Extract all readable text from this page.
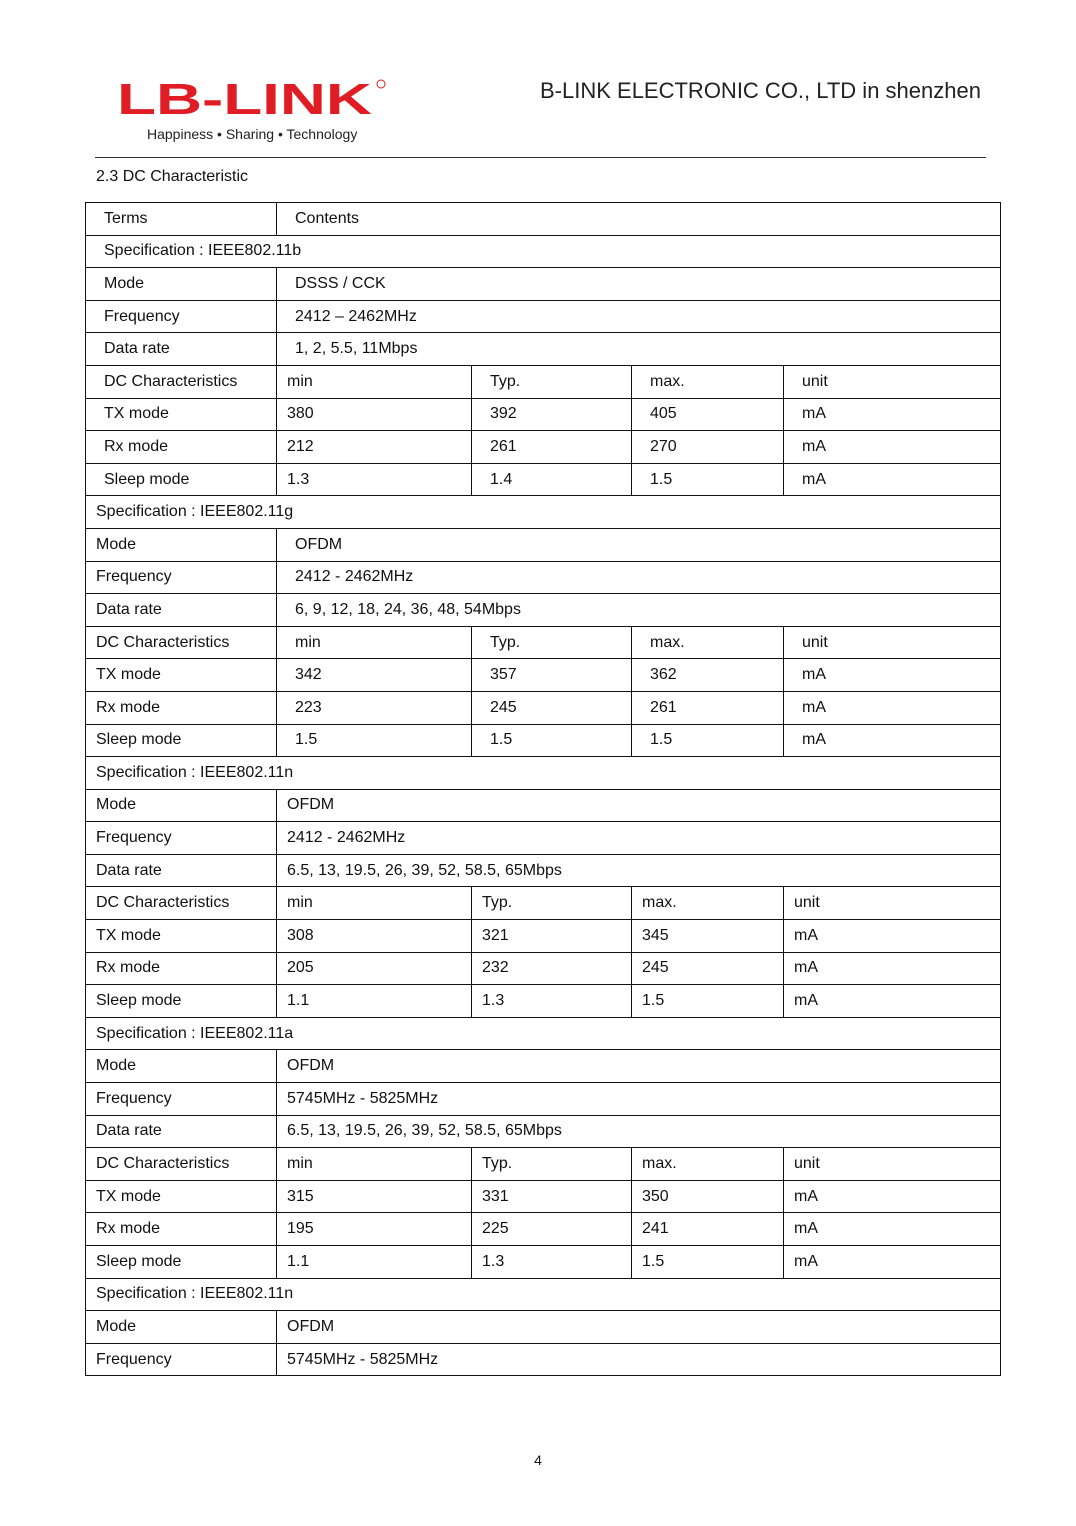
LB-LINK
Happiness • Sharing • Technology
B-LINK ELECTRONIC CO., LTD in shenzhen
2.3 DC Characteristic
Terms	Contents			
Specification : IEEE802.11b				
Mode	DSSS / CCK			
Frequency	2412 – 2462MHz			
Data rate	1, 2, 5.5, 11Mbps			
DC Characteristics	min	Typ.	max.	unit
TX mode	380	392	405	mA
Rx mode	212	261	270	mA
Sleep mode	1.3	1.4	1.5	mA
Specification : IEEE802.11g				
Mode	OFDM			
Frequency	2412 - 2462MHz			
Data rate	6, 9, 12, 18, 24, 36, 48, 54Mbps			
DC Characteristics	min	Typ.	max.	unit
TX mode	342	357	362	mA
Rx mode	223	245	261	mA
Sleep mode	1.5	1.5	1.5	mA
Specification : IEEE802.11n				
Mode	OFDM			
Frequency	2412 - 2462MHz			
Data rate	6.5, 13, 19.5, 26, 39, 52, 58.5, 65Mbps			
DC Characteristics	min	Typ.	max.	unit
TX mode	308	321	345	mA
Rx mode	205	232	245	mA
Sleep mode	1.1	1.3	1.5	mA
Specification : IEEE802.11a				
Mode	OFDM			
Frequency	5745MHz - 5825MHz			
Data rate	6.5, 13, 19.5, 26, 39, 52, 58.5, 65Mbps			
DC Characteristics	min	Typ.	max.	unit
TX mode	315	331	350	mA
Rx mode	195	225	241	mA
Sleep mode	1.1	1.3	1.5	mA
Specification : IEEE802.11n				
Mode	OFDM			
Frequency	5745MHz - 5825MHz			
4
